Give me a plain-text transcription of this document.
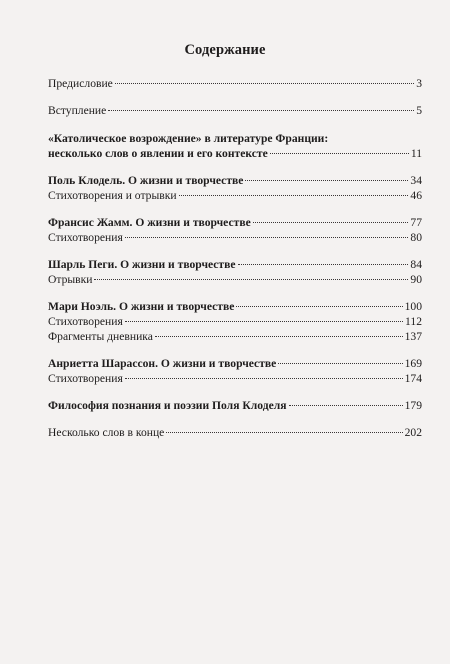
Содержание
Предисловие	3
Вступление	5
«Католическое возрождение» в литературе Франции:
несколько слов о явлении и его контексте	11
Поль Клодель. О жизни и творчестве	34
Стихотворения и отрывки	46
Франсис Жамм. О жизни и творчестве	77
Стихотворения	80
Шарль Пеги. О жизни и творчестве	84
Отрывки	90
Мари Ноэль. О жизни и творчестве	100
Стихотворения	112
Фрагменты дневника	137
Анриетта Шарассон. О жизни и творчестве	169
Стихотворения	174
Философия познания и поэзии Поля Клоделя	179
Несколько слов в конце	202
